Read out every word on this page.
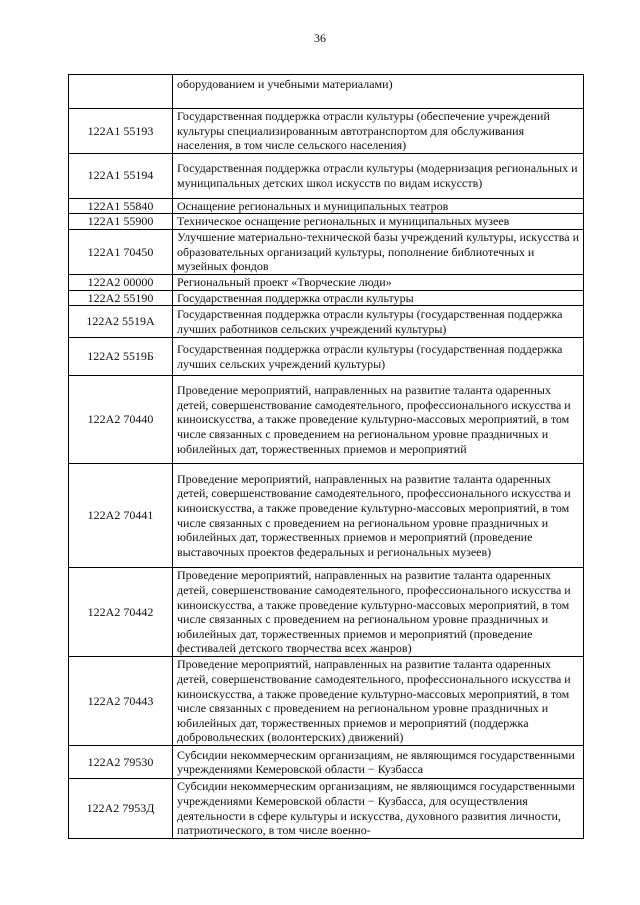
36
	оборудованием и учебными материалами)
122А1 55193	Государственная поддержка отрасли культуры (обеспечение учреждений культуры специализированным автотранспортом для обслуживания населения, в том числе сельского населения)
122А1 55194	Государственная поддержка отрасли культуры (модернизация региональных и муниципальных детских школ искусств по видам искусств)
122А1 55840	Оснащение региональных и муниципальных театров
122А1 55900	Техническое оснащение региональных и муниципальных музеев
122А1 70450	Улучшение материально-технической базы учреждений культуры, искусства и образовательных организаций культуры, пополнение библиотечных и музейных фондов
122А2 00000	Региональный проект «Творческие люди»
122А2 55190	Государственная поддержка отрасли культуры
122А2 5519А	Государственная поддержка отрасли культуры (государственная поддержка лучших работников сельских учреждений культуры)
122А2 5519Б	Государственная поддержка отрасли культуры (государственная поддержка лучших сельских учреждений культуры)
122А2 70440	Проведение мероприятий, направленных на развитие таланта одаренных детей, совершенствование самодеятельного, профессионального искусства и киноискусства, а также проведение культурно-массовых мероприятий, в том числе связанных с проведением на региональном уровне праздничных и юбилейных дат, торжественных приемов и мероприятий
122А2 70441	Проведение мероприятий, направленных на развитие таланта одаренных детей, совершенствование самодеятельного, профессионального искусства и киноискусства, а также проведение культурно-массовых мероприятий, в том числе связанных с проведением на региональном уровне праздничных и юбилейных дат, торжественных приемов и мероприятий (проведение выставочных проектов федеральных и региональных музеев)
122А2 70442	Проведение мероприятий, направленных на развитие таланта одаренных детей, совершенствование самодеятельного, профессионального искусства и киноискусства, а также проведение культурно-массовых мероприятий, в том числе связанных с проведением на региональном уровне праздничных и юбилейных дат, торжественных приемов и мероприятий (проведение фестивалей детского творчества всех жанров)
122А2 70443	Проведение мероприятий, направленных на развитие таланта одаренных детей, совершенствование самодеятельного, профессионального искусства и киноискусства, а также проведение культурно-массовых мероприятий, в том числе связанных с проведением на региональном уровне праздничных и юбилейных дат, торжественных приемов и мероприятий (поддержка добровольческих (волонтерских) движений)
122А2 79530	Субсидии некоммерческим организациям, не являющимся государственными учреждениями Кемеровской области − Кузбасса
122А2 7953Д	Субсидии некоммерческим организациям, не являющимся государственными учреждениями Кемеровской области − Кузбасса, для осуществления деятельности в сфере культуры и искусства, духовного развития личности, патриотического, в том числе военно-
